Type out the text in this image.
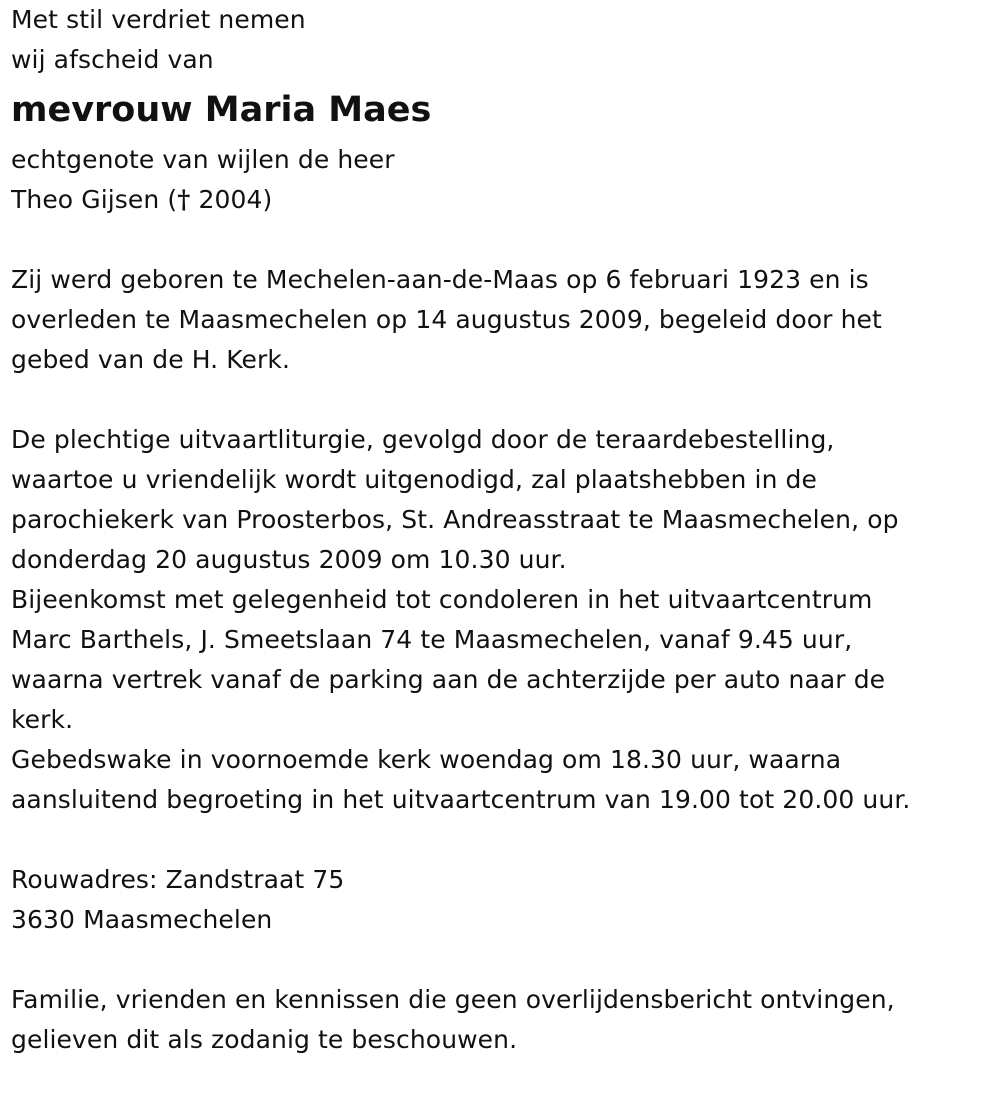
Met stil verdriet nemen
wij afscheid van
mevrouw Maria Maes
echtgenote van wijlen de heer
Theo Gijsen († 2004)
Zij werd geboren te Mechelen-aan-de-Maas op 6 februari 1923 en is
overleden te Maasmechelen op 14 augustus 2009, begeleid door het
gebed van de H. Kerk.
De plechtige uitvaartliturgie, gevolgd door de teraardebestelling,
waartoe u vriendelijk wordt uitgenodigd, zal plaatshebben in de
parochiekerk van Proosterbos, St. Andreasstraat te Maasmechelen, op
donderdag 20 augustus 2009 om 10.30 uur.
Bijeenkomst met gelegenheid tot condoleren in het uitvaartcentrum
Marc Barthels, J. Smeetslaan 74 te Maasmechelen, vanaf 9.45 uur,
waarna vertrek vanaf de parking aan de achterzijde per auto naar de
kerk.
Gebedswake in voornoemde kerk woendag om 18.30 uur, waarna
aansluitend begroeting in het uitvaartcentrum van 19.00 tot 20.00 uur.
Rouwadres: Zandstraat 75
3630 Maasmechelen
Familie, vrienden en kennissen die geen overlijdensbericht ontvingen,
gelieven dit als zodanig te beschouwen.
